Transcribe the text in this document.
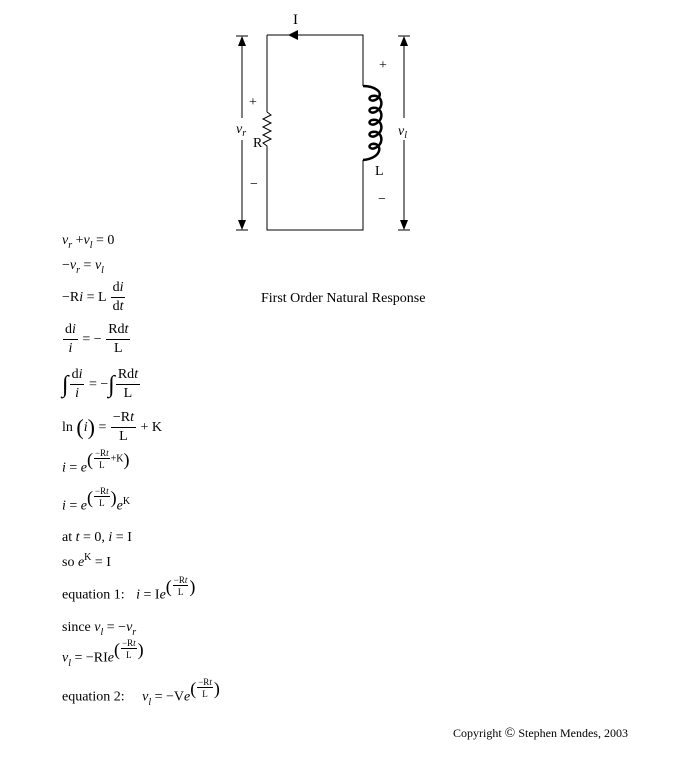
I
R
L
+
−
+
−
$v_r$	$v_l$
First Order Natural Response
$v_r +v_l = 0$
$-v_r = v_l$
−Ri = L $\frac{di}{dt}$
$\frac{di}{i}$ = − $\frac{\text{Rdt}}{L}$
∫ $\frac{di}{i}$ = −∫ $\frac{\text{Rdt}}{L}$
$\ln (i) = \frac{-Rt}{L} + K$
$i = e( \frac{-Rt}{L} +K)$
$i = e( \frac{-Rt}{L} )e^K$
at t = 0, i = I
so $e^K = I$
equation 1: $i = Ie( \frac{-Rt}{L}$ )
since $v_l = -v_r$
$v_l = -RIe( \frac{-Rt}{L}$ )
equation 2: $v_l = -Ve( \frac{-Rt}{L}$ )
Copyright © Stephen Mendes, 2003
